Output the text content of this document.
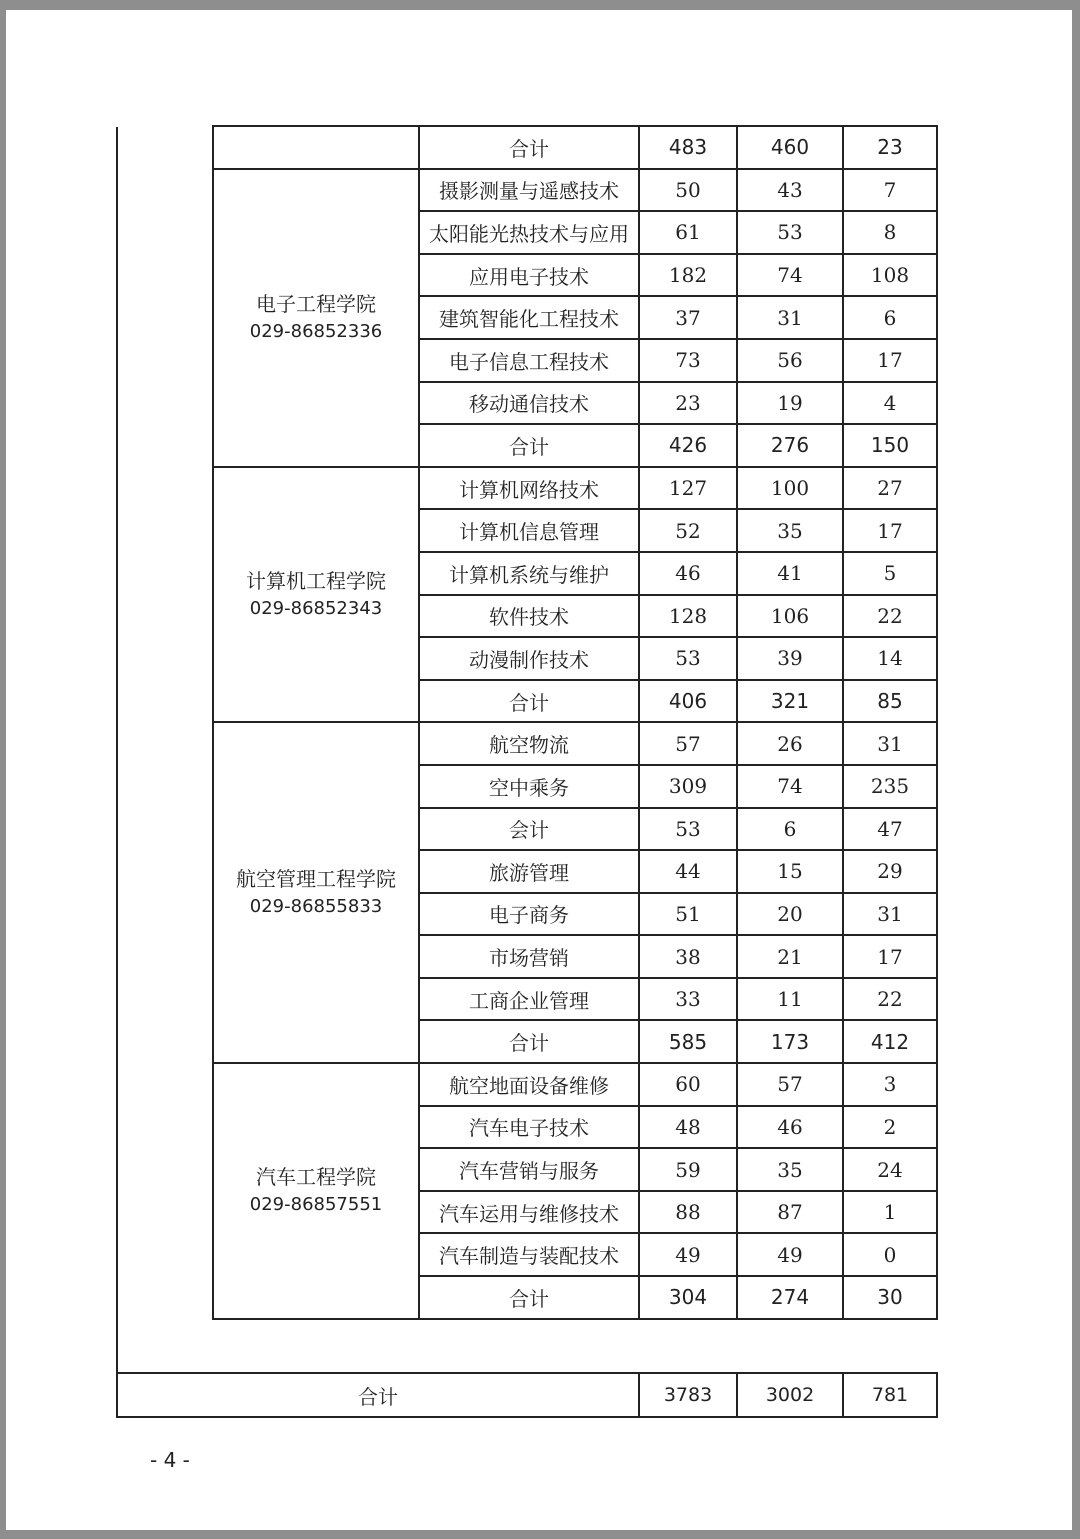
	合计	483	460	23
电子工程学院
029-86852336	摄影测量与遥感技术	50	43	7
	太阳能光热技术与应用	61	53	8
	应用电子技术	182	74	108
	建筑智能化工程技术	37	31	6
	电子信息工程技术	73	56	17
	移动通信技术	23	19	4
	合计	426	276	150
计算机工程学院
029-86852343	计算机网络技术	127	100	27
	计算机信息管理	52	35	17
	计算机系统与维护	46	41	5
	软件技术	128	106	22
	动漫制作技术	53	39	14
	合计	406	321	85
航空管理工程学院
029-86855833	航空物流	57	26	31
	空中乘务	309	74	235
	会计	53	6	47
	旅游管理	44	15	29
	电子商务	51	20	31
	市场营销	38	21	17
	工商企业管理	33	11	22
	合计	585	173	412
汽车工程学院
029-86857551	航空地面设备维修	60	57	3
	汽车电子技术	48	46	2
	汽车营销与服务	59	35	24
	汽车运用与维修技术	88	87	1
	汽车制造与装配技术	49	49	0
	合计	304	274	30
合计	3783	3002	781
- 4 -
